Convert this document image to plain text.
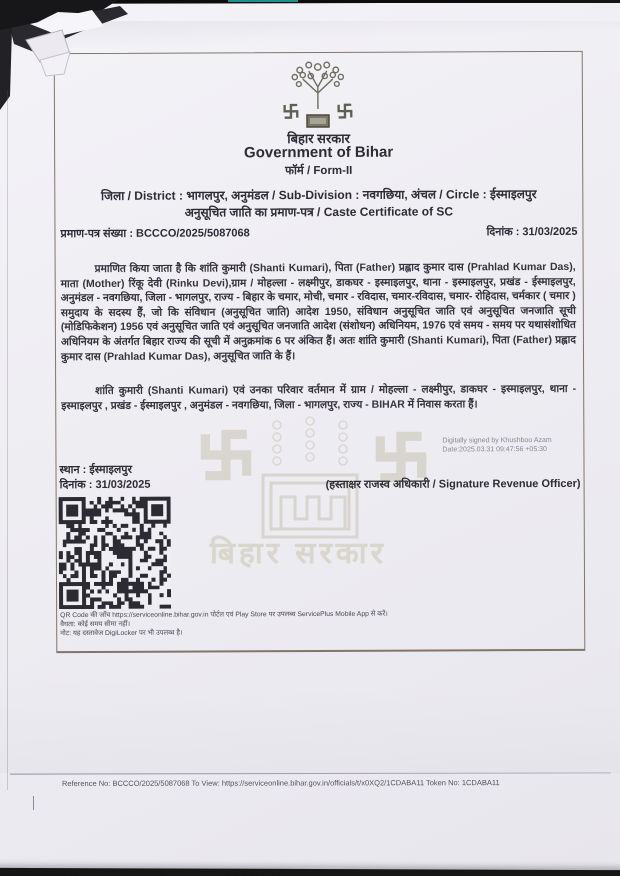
बिहार सरकार
बिहार सरकार
Government of Bihar
फॉर्म / Form-II
जिला / District : भागलपुर, अनुमंडल / Sub-Division : नवगछिया, अंचल / Circle : ईस्माइलपुर
अनुसूचित जाति का प्रमाण-पत्र / Caste Certificate of SC
प्रमाण-पत्र संख्या : BCCCO/2025/5087068	दिनांक : 31/03/2025
प्रमाणित किया जाता है कि शांति कुमारी (Shanti Kumari), पिता (Father) प्रह्लाद कुमार दास (Prahlad Kumar Das), माता (Mother) रिंकू देवी (Rinku Devi),ग्राम / मोहल्ला - लक्ष्मीपुर, डाकघर - इस्माइलपुर, थाना - इस्माइलपुर, प्रखंड - ईस्माइलपुर, अनुमंडल - नवगछिया, जिला - भागलपुर, राज्य - बिहार के चमार, मोची, चमार - रविदास, चमार-रविदास, चमार- रोहिदास, चर्मकार ( चमार ) समुदाय के सदस्य हैं, जो कि संविधान (अनुसूचित जाति) आदेश 1950, संविधान अनुसूचित जाति एवं अनुसूचित जनजाति सूची (मोडिफिकेशन) 1956 एवं अनुसूचित जाति एवं अनुसूचित जनजाति आदेश (संशोधन) अधिनियम, 1976 एवं समय - समय पर यथासंशोधित अधिनियम के अंतर्गत बिहार राज्य की सूची में अनुक्रमांक 6 पर अंकित हैं। अतः शांति कुमारी (Shanti Kumari), पिता (Father) प्रह्लाद कुमार दास (Prahlad Kumar Das), अनुसूचित जाति के हैं।
शांति कुमारी (Shanti Kumari) एवं उनका परिवार वर्तमान में ग्राम / मोहल्ला - लक्ष्मीपुर, डाकघर - इस्माइलपुर, थाना - इस्माइलपुर , प्रखंड - ईस्माइलपुर , अनुमंडल - नवगछिया, जिला - भागलपुर, राज्य - BIHAR में निवास करता हैं।
Digitally signed by Khushboo Azam
Date:2025.03.31 09:47:56 +05:30
स्थान : ईस्माइलपुर
दिनांक : 31/03/2025	(हस्ताक्षर राजस्व अधिकारी / Signature Revenue Officer)
QR Code की जाँच https://serviceonline.bihar.gov.in पोर्टल एवं Play Store पर उपलब्ध ServicePlus Mobile App से करें।
वैधता: कोई समय सीमा नहीं।
नोट: यह दस्तावेज DigiLocker पर भी उपलब्ध है।
Reference No: BCCCO/2025/5087068 To View: https://serviceonline.bihar.gov.in/officials/t/x0XQ2/1CDABA11 Token No: 1CDABA11
